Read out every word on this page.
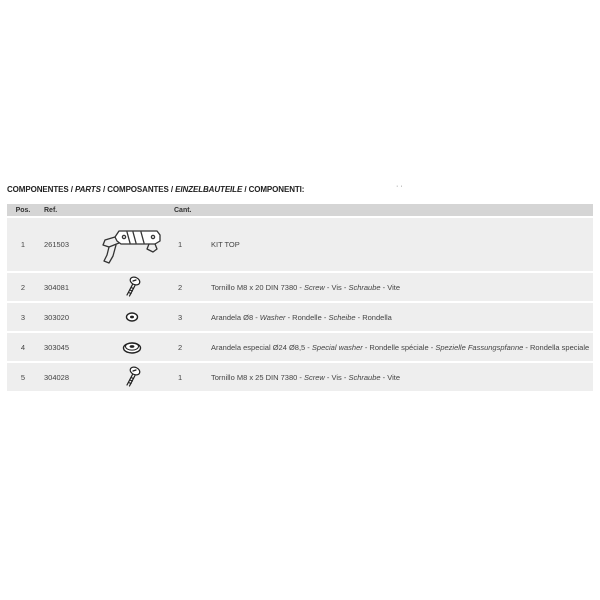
COMPONENTES / PARTS / COMPOSANTES / EINZELBAUTEILE / COMPONENTI:	· ·
Pos.	Ref.		Cant.	
1	261503		1	KIT TOP
2	304081		2	Tornillo M8 x 20 DIN 7380 - Screw - Vis - Schraube - Vite
3	303020		3	Arandela Ø8 - Washer - Rondelle - Scheibe - Rondella
4	303045		2	Arandela especial Ø24 Ø8,5 - Special washer - Rondelle spéciale - Spezielle Fassungspfanne - Rondella speciale
5	304028		1	Tornillo M8 x 25 DIN 7380 - Screw - Vis - Schraube - Vite
